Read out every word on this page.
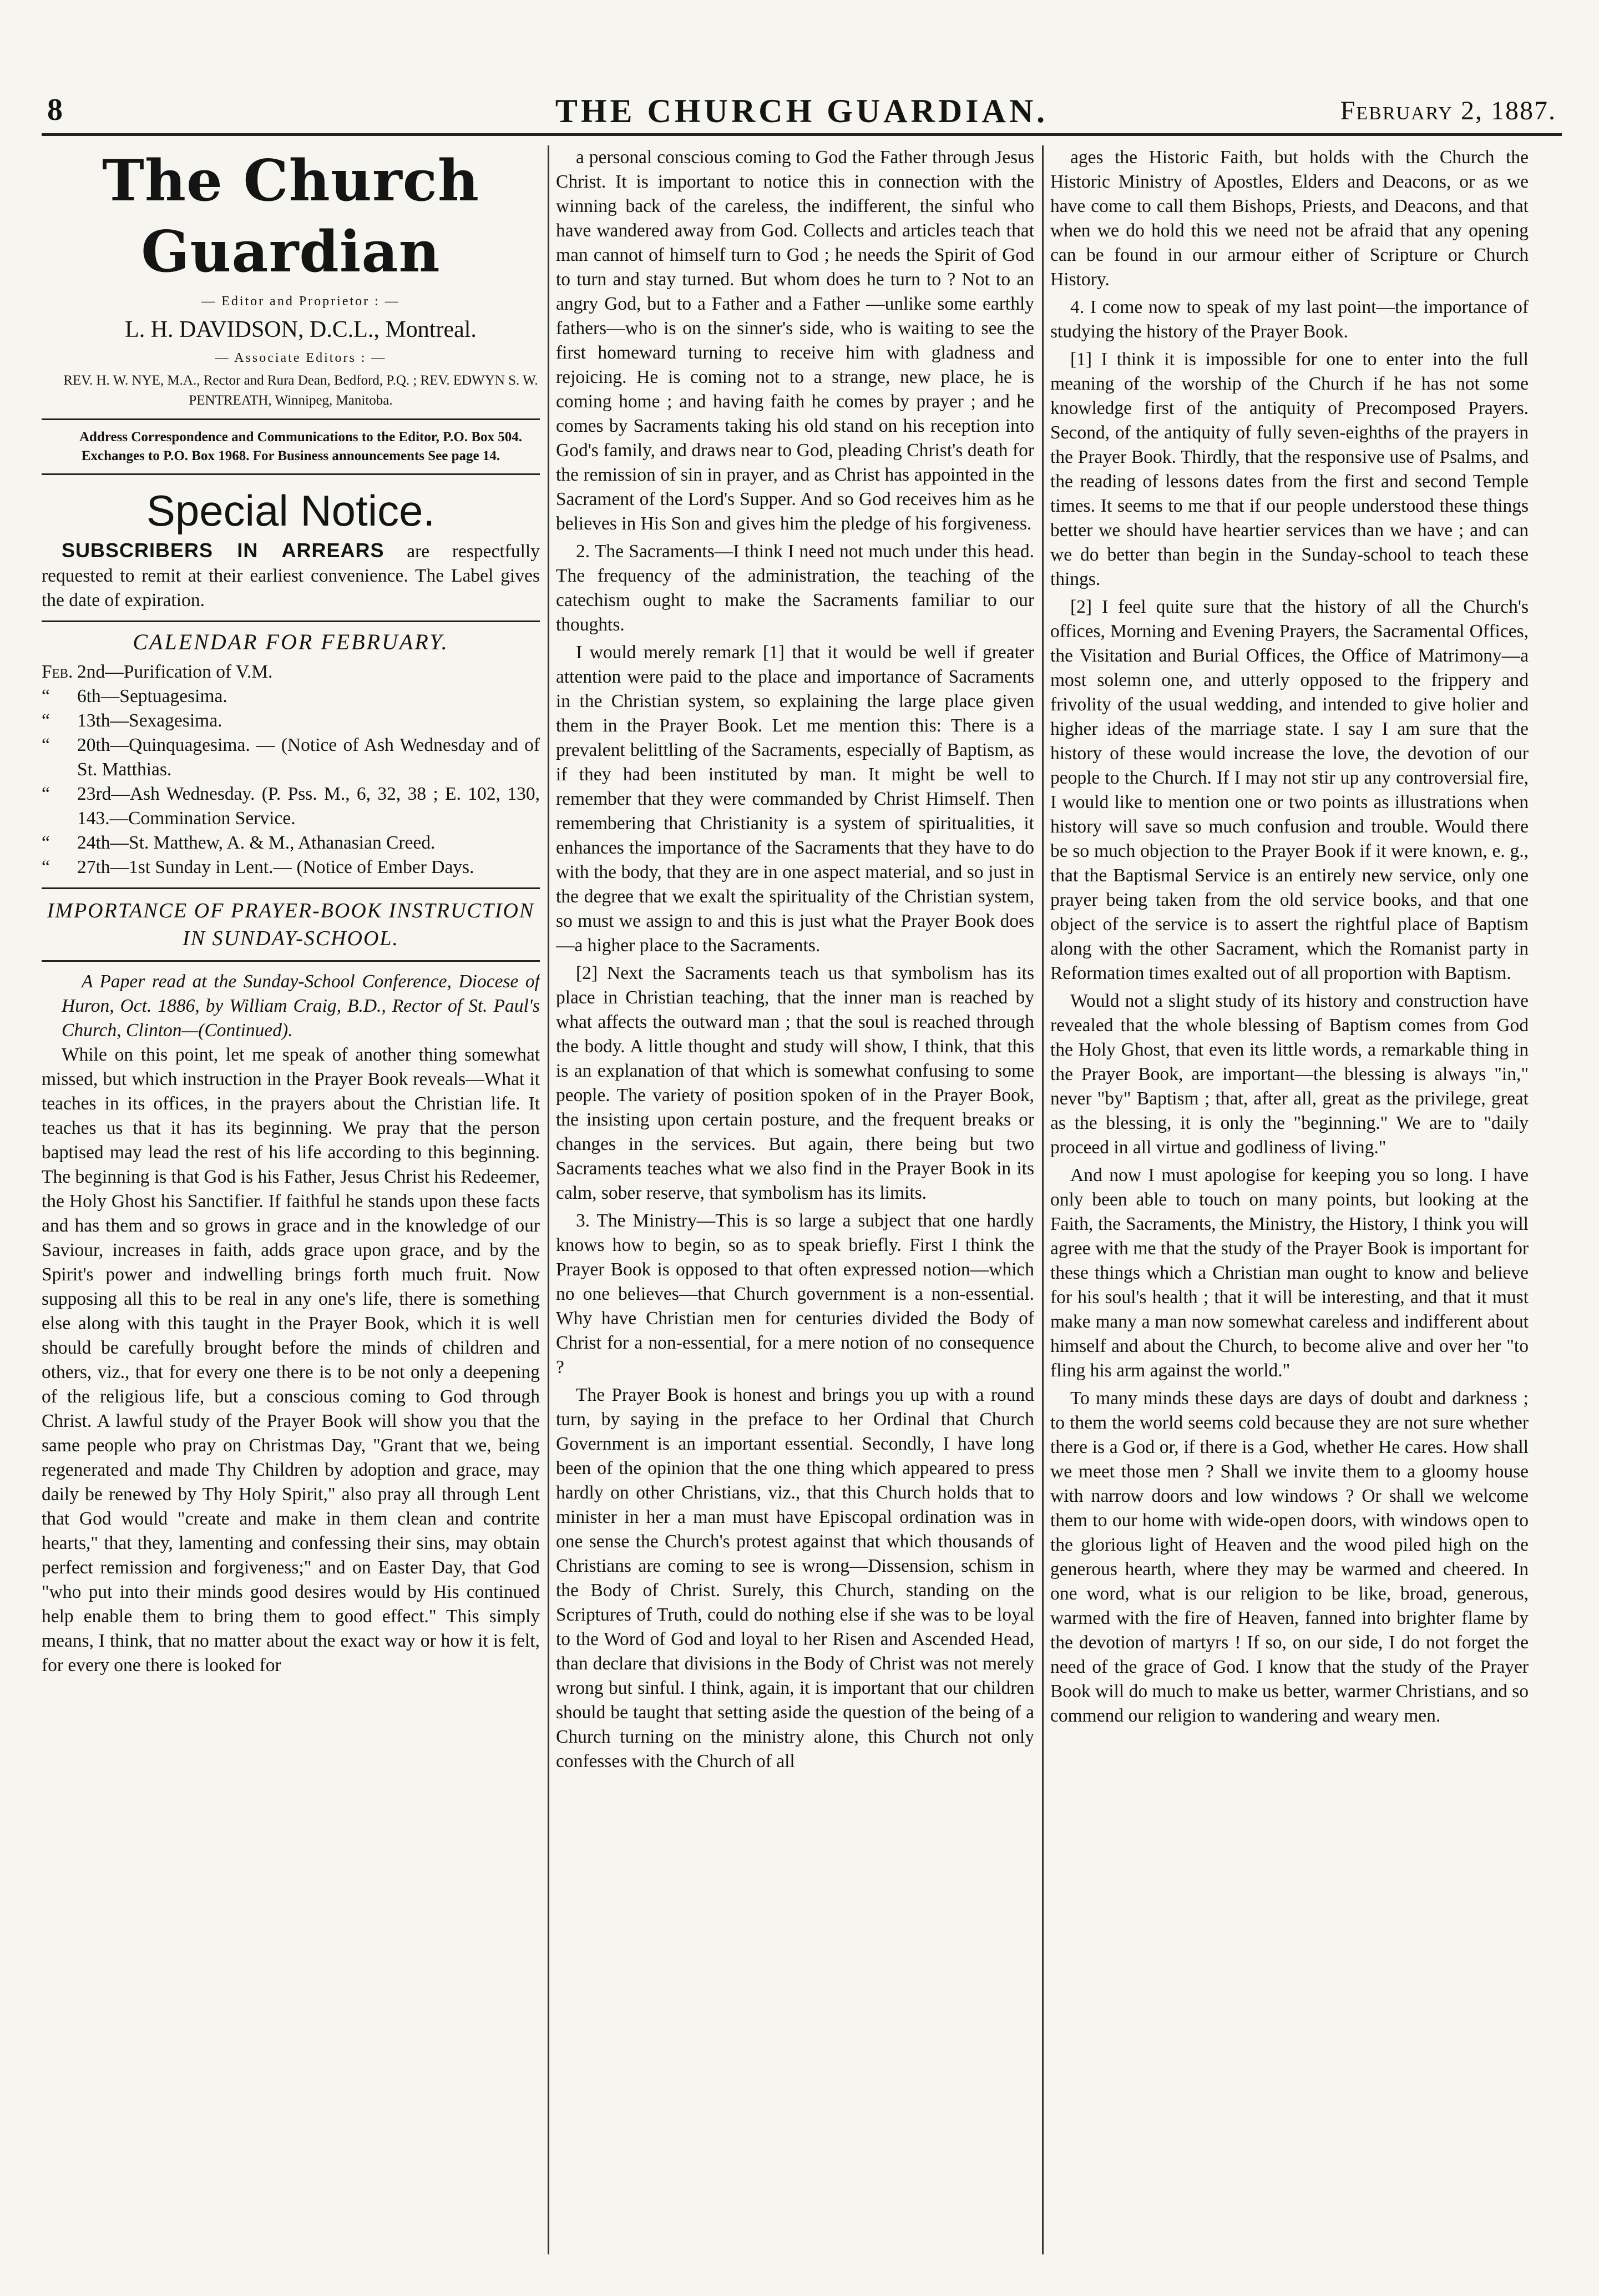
8	THE CHURCH GUARDIAN.	February 2, 1887.
The Church Guardian

— Editor and Proprietor : —

L. H. DAVIDSON, D.C.L., Montreal.

— Associate Editors : —

REV. H. W. NYE, M.A., Rector and Rura Dean, Bedford, P.Q. ; REV. EDWYN S. W. PENTREATH, Winnipeg, Manitoba.

Address Correspondence and Communications to the Editor, P.O. Box 504. Exchanges to P.O. Box 1968. For Business announcements See page 14.

Special Notice.

SUBSCRIBERS IN ARREARS are respectfully requested to remit at their earliest convenience. The Label gives the date of expiration.

CALENDAR FOR FEBRUARY.
Feb. 2nd—Purification of V.M.
“	6th—Septuagesima.
“	13th—Sexagesima.
“	20th—Quinquagesima. — (Notice of Ash Wednesday and of St. Matthias.
“	23rd—Ash Wednesday. (P. Pss. M., 6, 32, 38 ; E. 102, 130, 143.—Commination Service.
“	24th—St. Matthew, A. & M., Athanasian Creed.
“	27th—1st Sunday in Lent.— (Notice of Ember Days.
IMPORTANCE OF PRAYER-BOOK INSTRUCTION IN SUNDAY-SCHOOL.

A Paper read at the Sunday-School Conference, Diocese of Huron, Oct. 1886, by William Craig, B.D., Rector of St. Paul's Church, Clinton—(Continued).

While on this point, let me speak of another thing somewhat missed, but which instruction in the Prayer Book reveals—What it teaches in its offices, in the prayers about the Christian life. It teaches us that it has its beginning. We pray that the person baptised may lead the rest of his life according to this beginning. The beginning is that God is his Father, Jesus Christ his Redeemer, the Holy Ghost his Sanctifier. If faithful he stands upon these facts and has them and so grows in grace and in the knowledge of our Saviour, increases in faith, adds grace upon grace, and by the Spirit's power and indwelling brings forth much fruit. Now supposing all this to be real in any one's life, there is something else along with this taught in the Prayer Book, which it is well should be carefully brought before the minds of children and others, viz., that for every one there is to be not only a deepening of the religious life, but a conscious coming to God through Christ. A lawful study of the Prayer Book will show you that the same people who pray on Christmas Day, "Grant that we, being regenerated and made Thy Children by adoption and grace, may daily be renewed by Thy Holy Spirit," also pray all through Lent that God would "create and make in them clean and contrite hearts," that they, lamenting and confessing their sins, may obtain perfect remission and forgiveness;" and on Easter Day, that God "who put into their minds good desires would by His continued help enable them to bring them to good effect." This simply means, I think, that no matter about the exact way or how it is felt, for every one there is looked for

a personal conscious coming to God the Father through Jesus Christ. It is important to notice this in connection with the winning back of the careless, the indifferent, the sinful who have wandered away from God. Collects and articles teach that man cannot of himself turn to God ; he needs the Spirit of God to turn and stay turned. But whom does he turn to ? Not to an angry God, but to a Father and a Father —unlike some earthly fathers—who is on the sinner's side, who is waiting to see the first homeward turning to receive him with gladness and rejoicing. He is coming not to a strange, new place, he is coming home ; and having faith he comes by prayer ; and he comes by Sacraments taking his old stand on his reception into God's family, and draws near to God, pleading Christ's death for the remission of sin in prayer, and as Christ has appointed in the Sacrament of the Lord's Supper. And so God receives him as he believes in His Son and gives him the pledge of his forgiveness.

2. The Sacraments—I think I need not much under this head. The frequency of the administration, the teaching of the catechism ought to make the Sacraments familiar to our thoughts.

I would merely remark [1] that it would be well if greater attention were paid to the place and importance of Sacraments in the Christian system, so explaining the large place given them in the Prayer Book. Let me mention this: There is a prevalent belittling of the Sacraments, especially of Baptism, as if they had been instituted by man. It might be well to remember that they were commanded by Christ Himself. Then remembering that Christianity is a system of spiritualities, it enhances the importance of the Sacraments that they have to do with the body, that they are in one aspect material, and so just in the degree that we exalt the spirituality of the Christian system, so must we assign to and this is just what the Prayer Book does—a higher place to the Sacraments.

[2] Next the Sacraments teach us that symbolism has its place in Christian teaching, that the inner man is reached by what affects the outward man ; that the soul is reached through the body. A little thought and study will show, I think, that this is an explanation of that which is somewhat confusing to some people. The variety of position spoken of in the Prayer Book, the insisting upon certain posture, and the frequent breaks or changes in the services. But again, there being but two Sacraments teaches what we also find in the Prayer Book in its calm, sober reserve, that symbolism has its limits.

3. The Ministry—This is so large a subject that one hardly knows how to begin, so as to speak briefly. First I think the Prayer Book is opposed to that often expressed notion—which no one believes—that Church government is a non-essential. Why have Christian men for centuries divided the Body of Christ for a non-essential, for a mere notion of no consequence ?

The Prayer Book is honest and brings you up with a round turn, by saying in the preface to her Ordinal that Church Government is an important essential. Secondly, I have long been of the opinion that the one thing which appeared to press hardly on other Christians, viz., that this Church holds that to minister in her a man must have Episcopal ordination was in one sense the Church's protest against that which thousands of Christians are coming to see is wrong—Dissension, schism in the Body of Christ. Surely, this Church, standing on the Scriptures of Truth, could do nothing else if she was to be loyal to the Word of God and loyal to her Risen and Ascended Head, than declare that divisions in the Body of Christ was not merely wrong but sinful. I think, again, it is important that our children should be taught that setting aside the question of the being of a Church turning on the ministry alone, this Church not only confesses with the Church of all

ages the Historic Faith, but holds with the Church the Historic Ministry of Apostles, Elders and Deacons, or as we have come to call them Bishops, Priests, and Deacons, and that when we do hold this we need not be afraid that any opening can be found in our armour either of Scripture or Church History.

4. I come now to speak of my last point—the importance of studying the history of the Prayer Book.

[1] I think it is impossible for one to enter into the full meaning of the worship of the Church if he has not some knowledge first of the antiquity of Precomposed Prayers. Second, of the antiquity of fully seven-eighths of the prayers in the Prayer Book. Thirdly, that the responsive use of Psalms, and the reading of lessons dates from the first and second Temple times. It seems to me that if our people understood these things better we should have heartier services than we have ; and can we do better than begin in the Sunday-school to teach these things.

[2] I feel quite sure that the history of all the Church's offices, Morning and Evening Prayers, the Sacramental Offices, the Visitation and Burial Offices, the Office of Matrimony—a most solemn one, and utterly opposed to the frippery and frivolity of the usual wedding, and intended to give holier and higher ideas of the marriage state. I say I am sure that the history of these would increase the love, the devotion of our people to the Church. If I may not stir up any controversial fire, I would like to mention one or two points as illustrations when history will save so much confusion and trouble. Would there be so much objection to the Prayer Book if it were known, e. g., that the Baptismal Service is an entirely new service, only one prayer being taken from the old service books, and that one object of the service is to assert the rightful place of Baptism along with the other Sacrament, which the Romanist party in Reformation times exalted out of all proportion with Baptism.

Would not a slight study of its history and construction have revealed that the whole blessing of Baptism comes from God the Holy Ghost, that even its little words, a remarkable thing in the Prayer Book, are important—the blessing is always "in," never "by" Baptism ; that, after all, great as the privilege, great as the blessing, it is only the "beginning." We are to "daily proceed in all virtue and godliness of living."

And now I must apologise for keeping you so long. I have only been able to touch on many points, but looking at the Faith, the Sacraments, the Ministry, the History, I think you will agree with me that the study of the Prayer Book is important for these things which a Christian man ought to know and believe for his soul's health ; that it will be interesting, and that it must make many a man now somewhat careless and indifferent about himself and about the Church, to become alive and over her "to fling his arm against the world."

To many minds these days are days of doubt and darkness ; to them the world seems cold because they are not sure whether there is a God or, if there is a God, whether He cares. How shall we meet those men ? Shall we invite them to a gloomy house with narrow doors and low windows ? Or shall we welcome them to our home with wide-open doors, with windows open to the glorious light of Heaven and the wood piled high on the generous hearth, where they may be warmed and cheered. In one word, what is our religion to be like, broad, generous, warmed with the fire of Heaven, fanned into brighter flame by the devotion of martyrs ! If so, on our side, I do not forget the need of the grace of God. I know that the study of the Prayer Book will do much to make us better, warmer Christians, and so commend our religion to wandering and weary men.
